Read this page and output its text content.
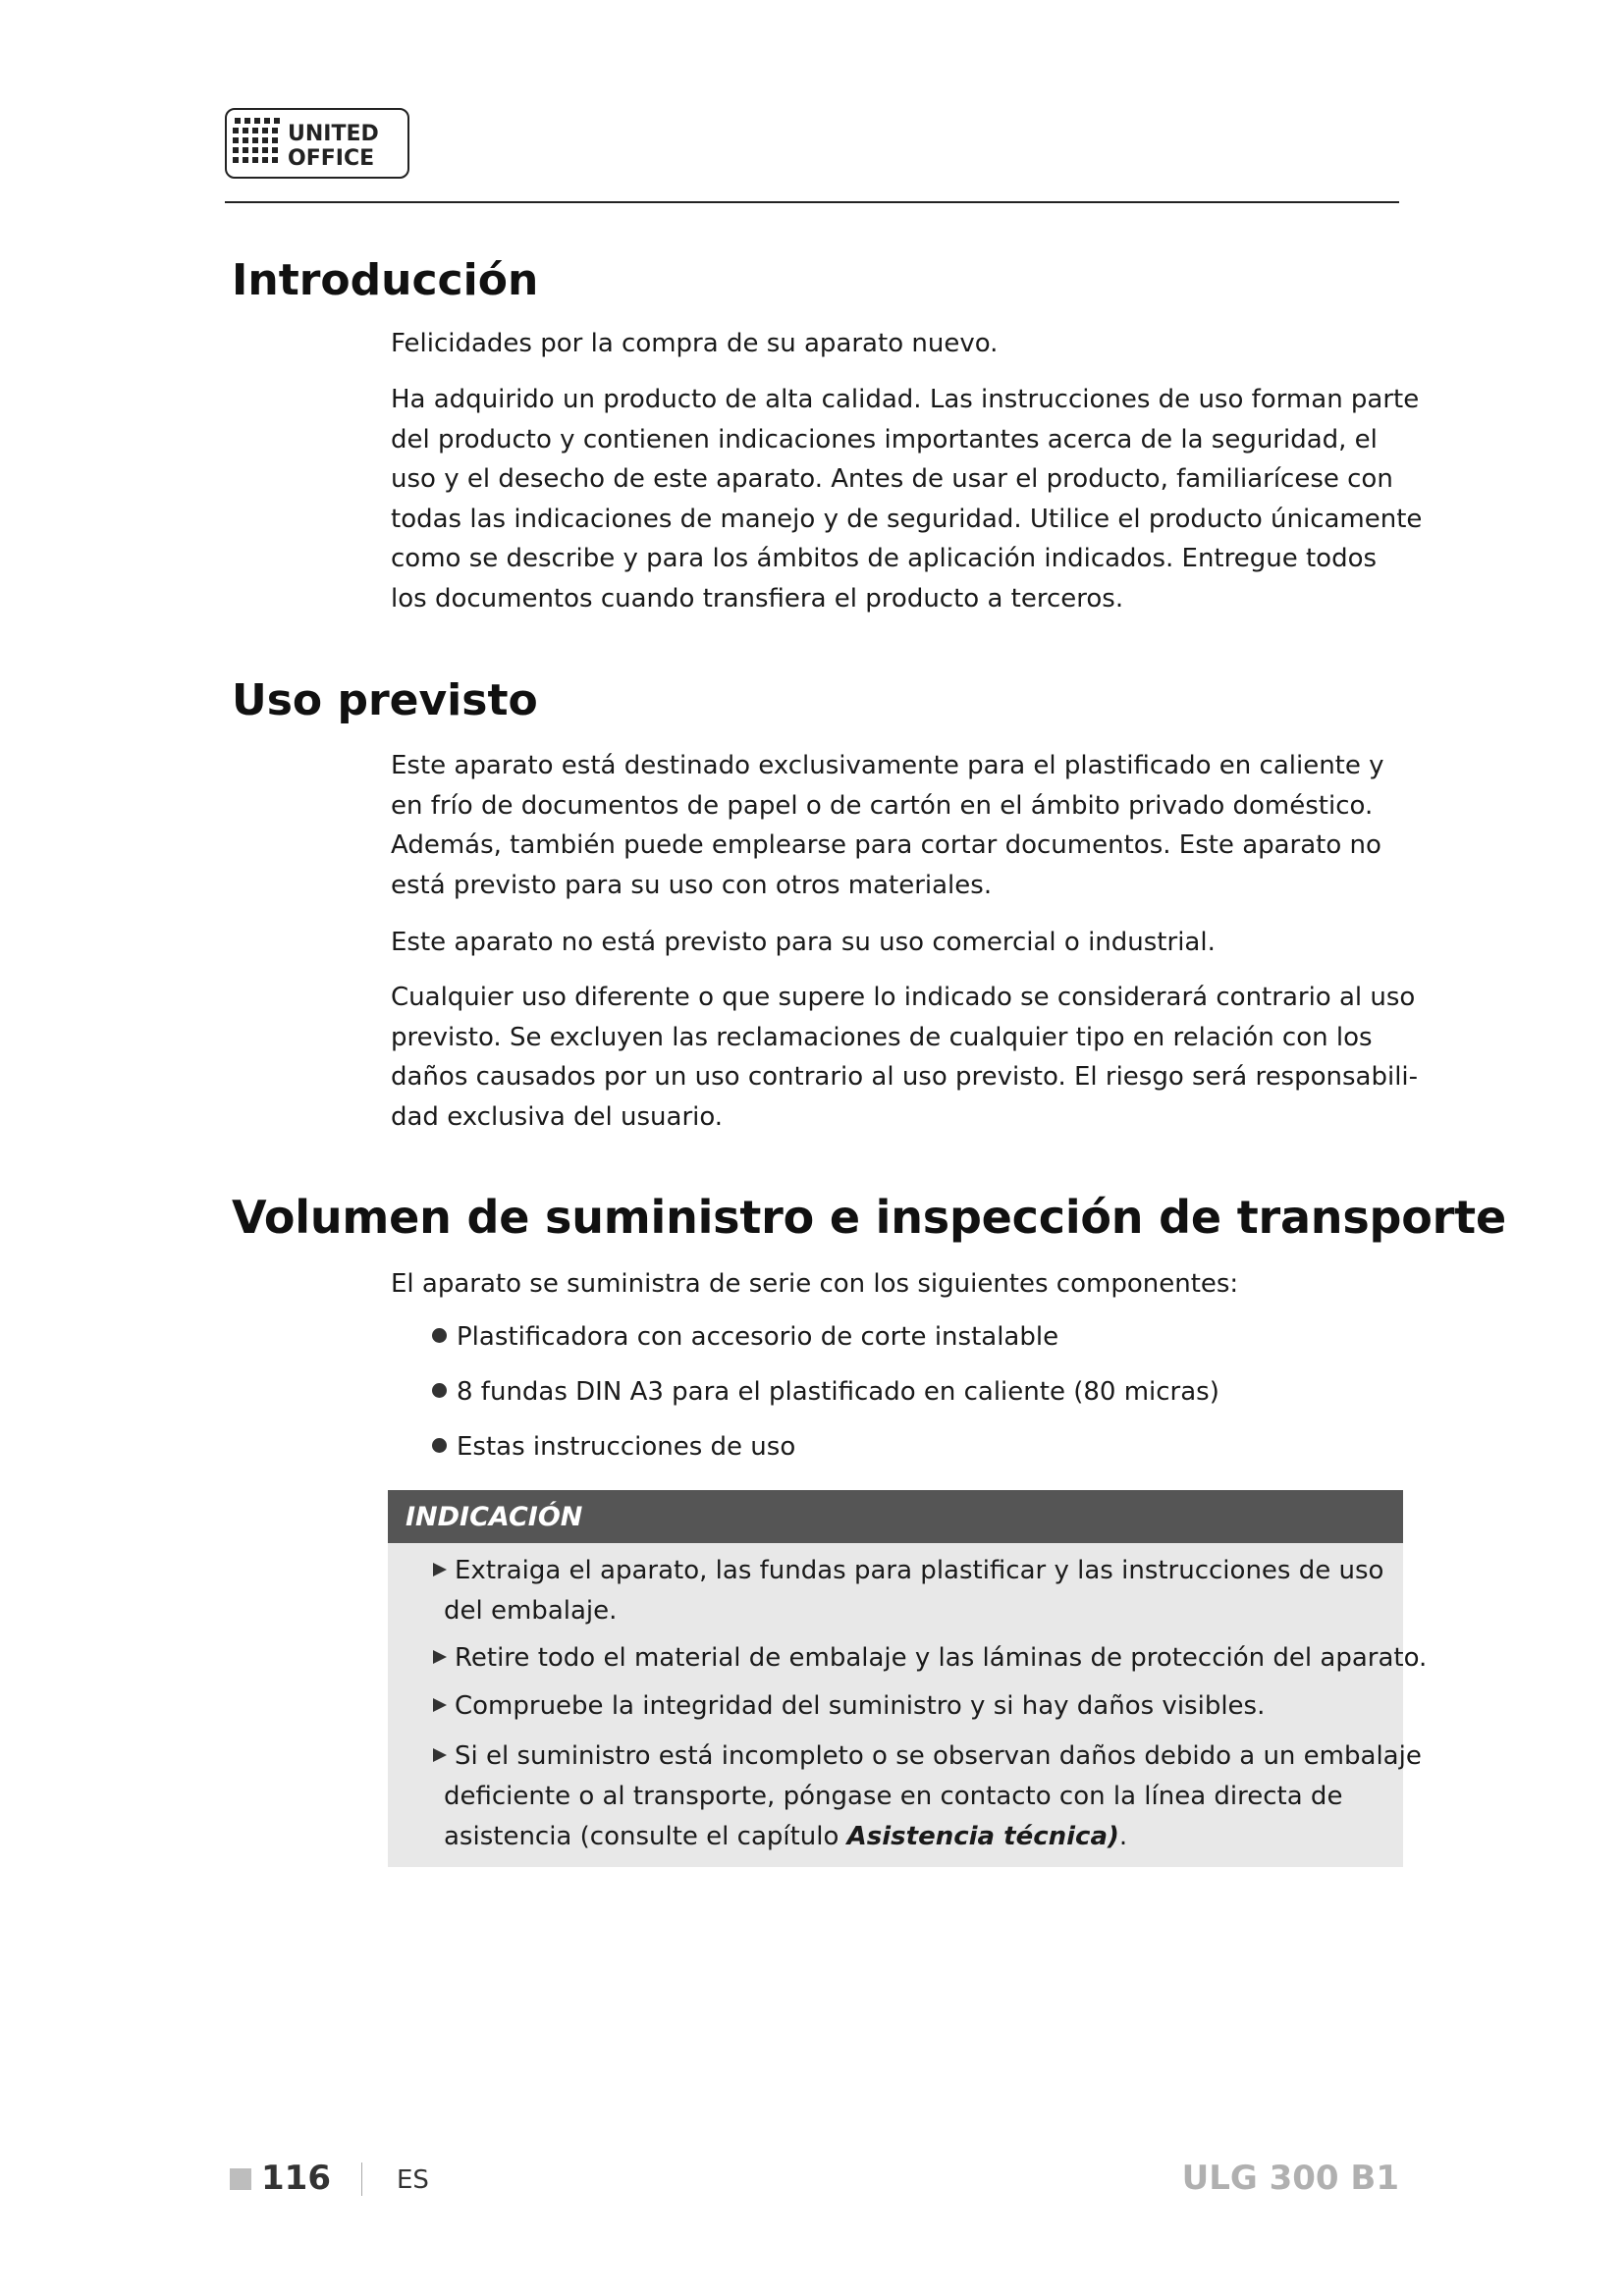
UNITED
OFFICE
Introducción

Felicidades por la compra de su aparato nuevo.

Ha adquirido un producto de alta calidad. Las instrucciones de uso forman parte
del producto y contienen indicaciones importantes acerca de la seguridad, el
uso y el desecho de este aparato. Antes de usar el producto, familiarícese con
todas las indicaciones de manejo y de seguridad. Utilice el producto únicamente
como se describe y para los ámbitos de aplicación indicados. Entregue todos
los documentos cuando transfiera el producto a terceros.

Uso previsto

Este aparato está destinado exclusivamente para el plastificado en caliente y
en frío de documentos de papel o de cartón en el ámbito privado doméstico.
Además, también puede emplearse para cortar documentos. Este aparato no
está previsto para su uso con otros materiales.

Este aparato no está previsto para su uso comercial o industrial.

Cualquier uso diferente o que supere lo indicado se considerará contrario al uso
previsto. Se excluyen las reclamaciones de cualquier tipo en relación con los
daños causados por un uso contrario al uso previsto. El riesgo será responsabili-
dad exclusiva del usuario.

Volumen de suministro e inspección de transporte

El aparato se suministra de serie con los siguientes componentes:

Plastificadora con accesorio de corte instalable

8 fundas DIN A3 para el plastificado en caliente (80 micras)

Estas instrucciones de uso

INDICACIÓN

Extraiga el aparato, las fundas para plastificar y las instrucciones de uso
del embalaje.

Retire todo el material de embalaje y las láminas de protección del aparato.

Compruebe la integridad del suministro y si hay daños visibles.

Si el suministro está incompleto o se observan daños debido a un embalaje
deficiente o al transporte, póngase en contacto con la línea directa de
asistencia (consulte el capítulo Asistencia técnica).

116	ES	ULG 300 B1
